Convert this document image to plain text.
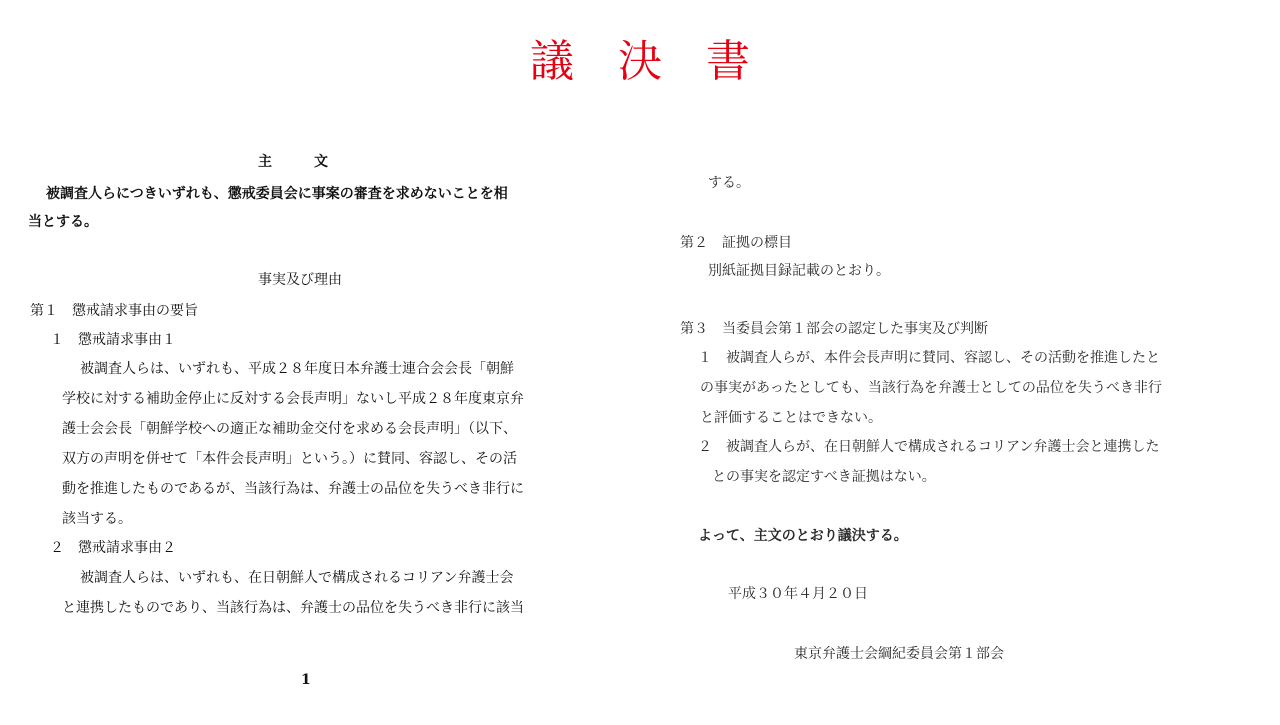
議　決　書
主　　　文
被調査人らにつきいずれも、懲戒委員会に事案の審査を求めないことを相
当とする。
事実及び理由
第１　懲戒請求事由の要旨
１　懲戒請求事由１
被調査人らは、いずれも、平成２８年度日本弁護士連合会会長「朝鮮
学校に対する補助金停止に反対する会長声明」ないし平成２８年度東京弁
護士会会長「朝鮮学校への適正な補助金交付を求める会長声明」（以下、
双方の声明を併せて「本件会長声明」という。）に賛同、容認し、その活
動を推進したものであるが、当該行為は、弁護士の品位を失うべき非行に
該当する。
２　懲戒請求事由２
被調査人らは、いずれも、在日朝鮮人で構成されるコリアン弁護士会
と連携したものであり、当該行為は、弁護士の品位を失うべき非行に該当
1
する。
第２　証拠の標目
別紙証拠目録記載のとおり。
第３　当委員会第１部会の認定した事実及び判断
１　被調査人らが、本件会長声明に賛同、容認し、その活動を推進したと
の事実があったとしても、当該行為を弁護士としての品位を失うべき非行
と評価することはできない。
２　被調査人らが、在日朝鮮人で構成されるコリアン弁護士会と連携した
との事実を認定すべき証拠はない。
よって、主文のとおり議決する。
平成３０年４月２０日
東京弁護士会綱紀委員会第１部会
